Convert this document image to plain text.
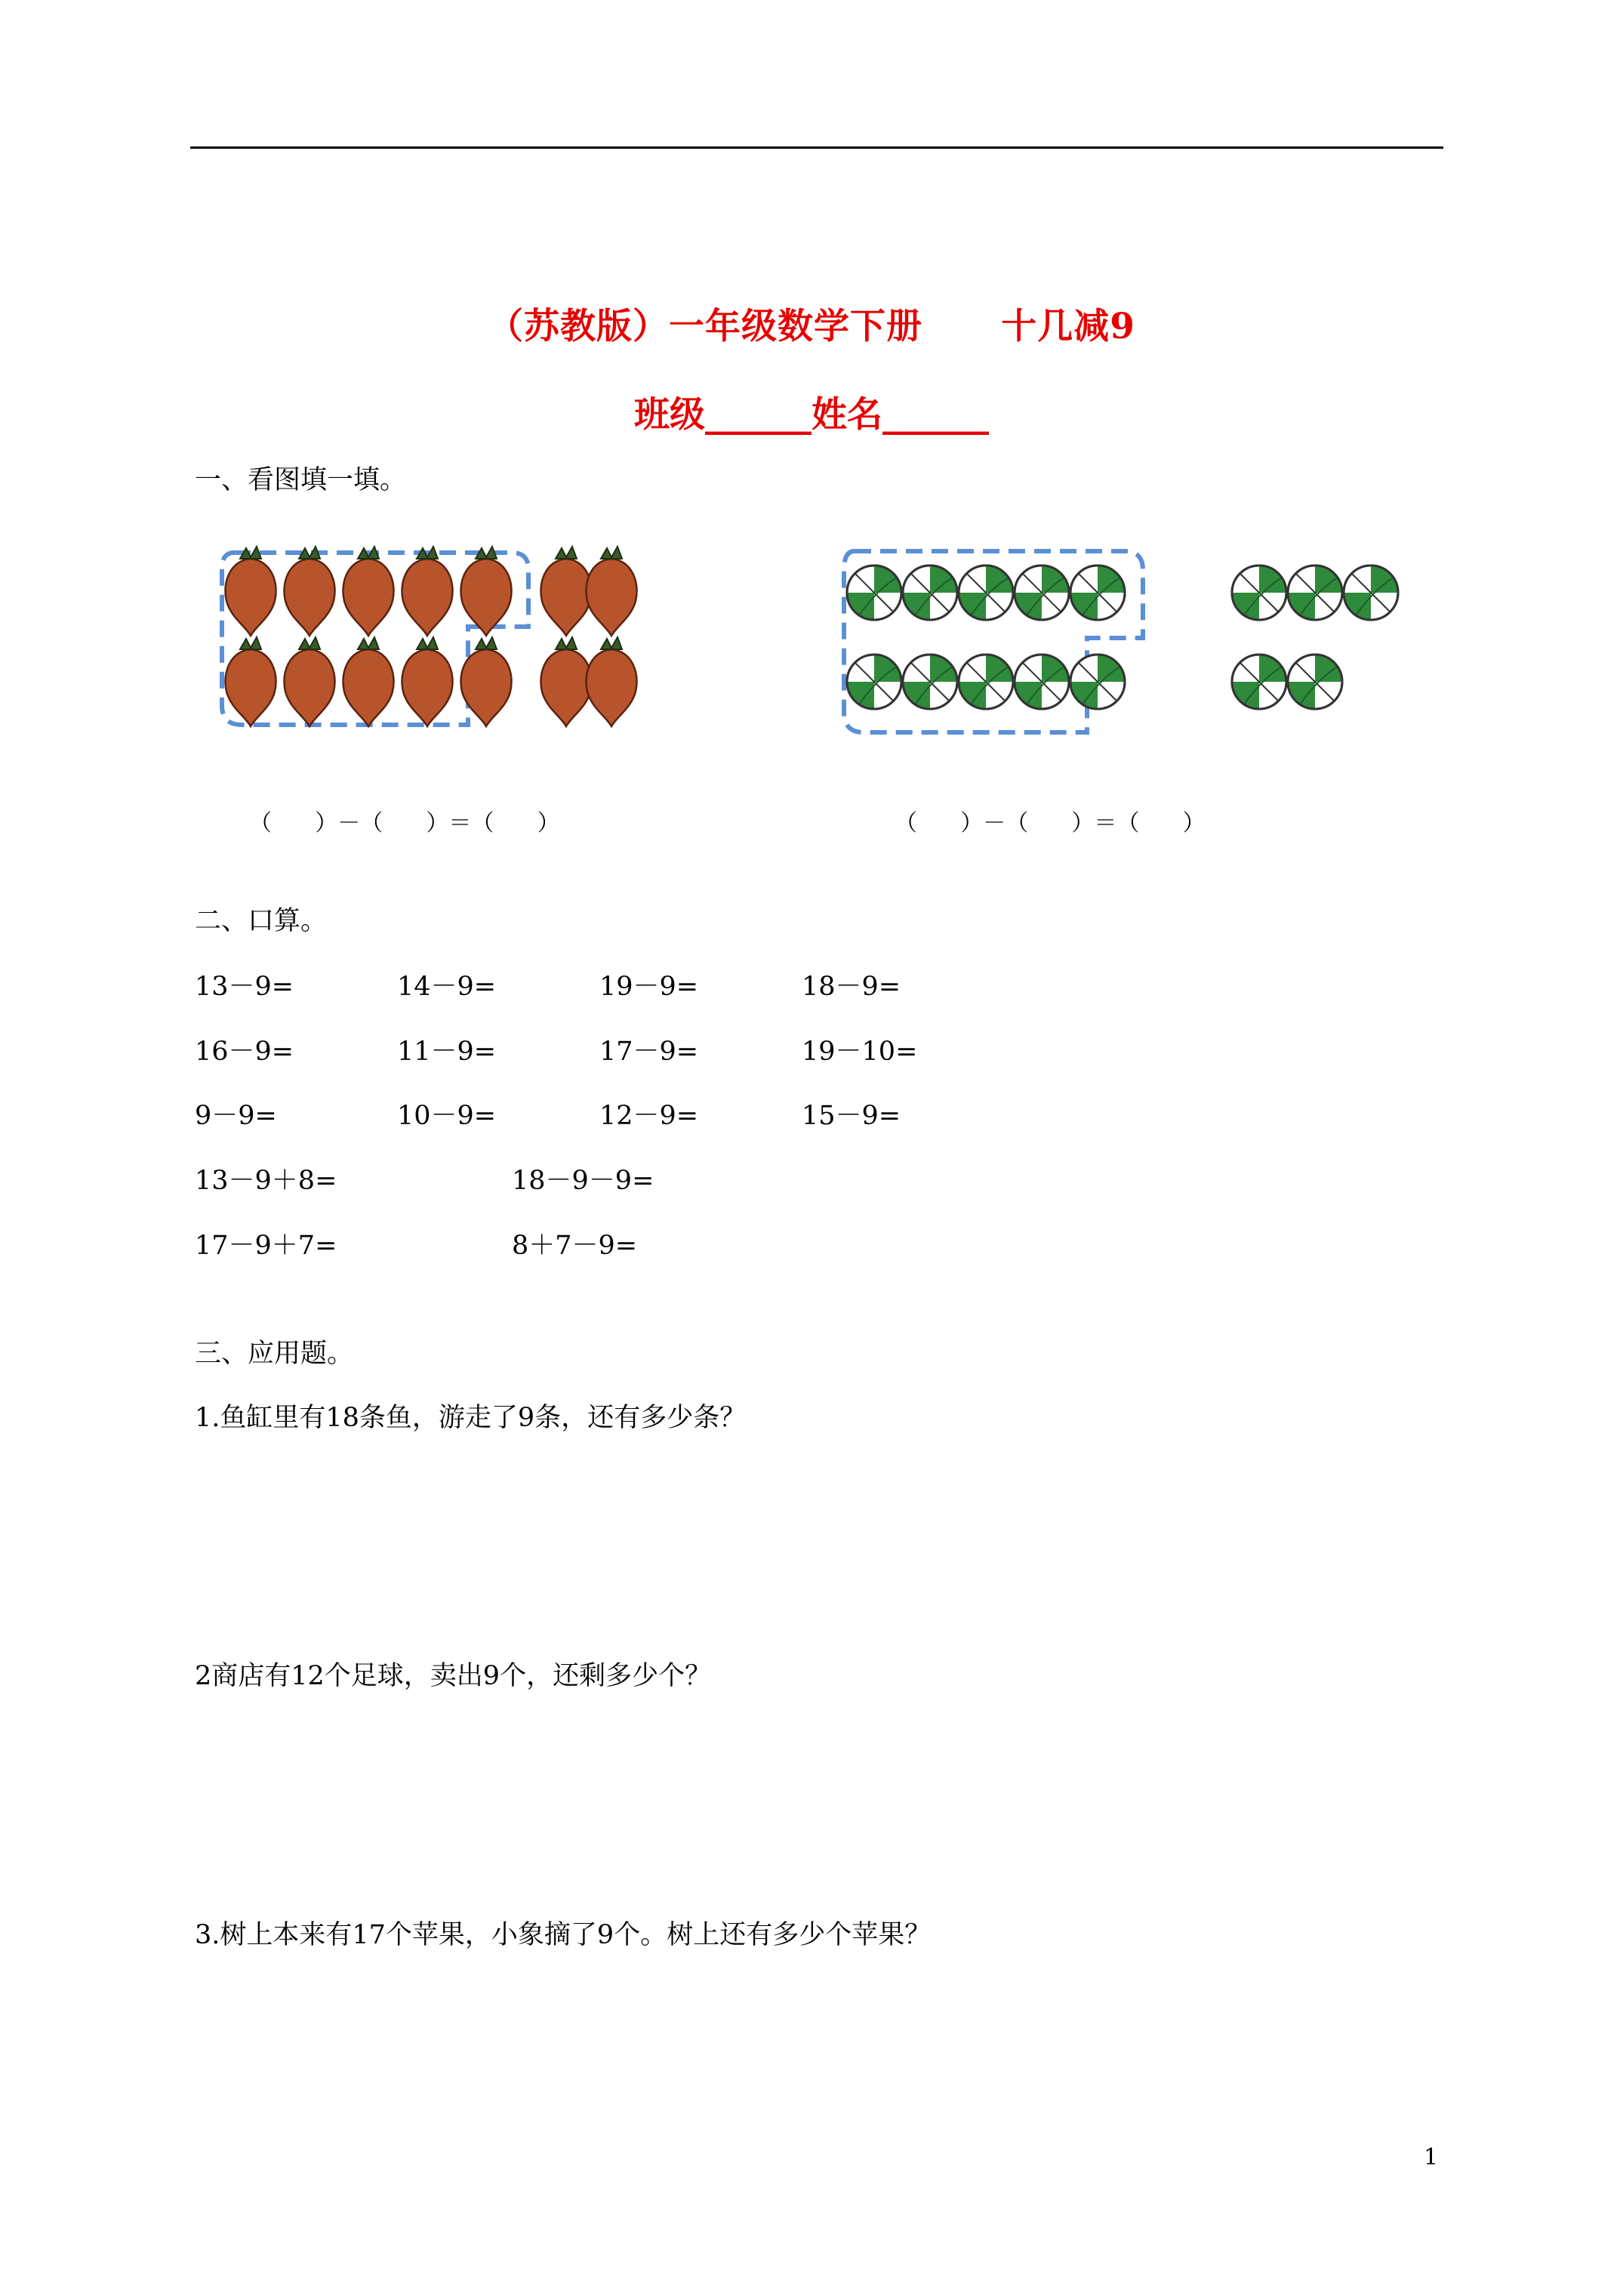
（苏教版）一年级数学下册      十几减9
班级______姓名______
一、看图填一填。
（      ）－（      ）＝（      ）	（      ）－（      ）＝（      ）
二、口算。
13－9=	14－9=	19－9=	18－9=
16－9=	11－9=	17－9=	19－10=
9－9=	10－9=	12－9=	15－9=
13－9＋8=	18－9－9=
17－9＋7=	8＋7－9=
三、应用题。
1.鱼缸里有18条鱼，游走了9条，还有多少条？
2商店有12个足球，卖出9个，还剩多少个？
3.树上本来有17个苹果，小象摘了9个。树上还有多少个苹果？
1
